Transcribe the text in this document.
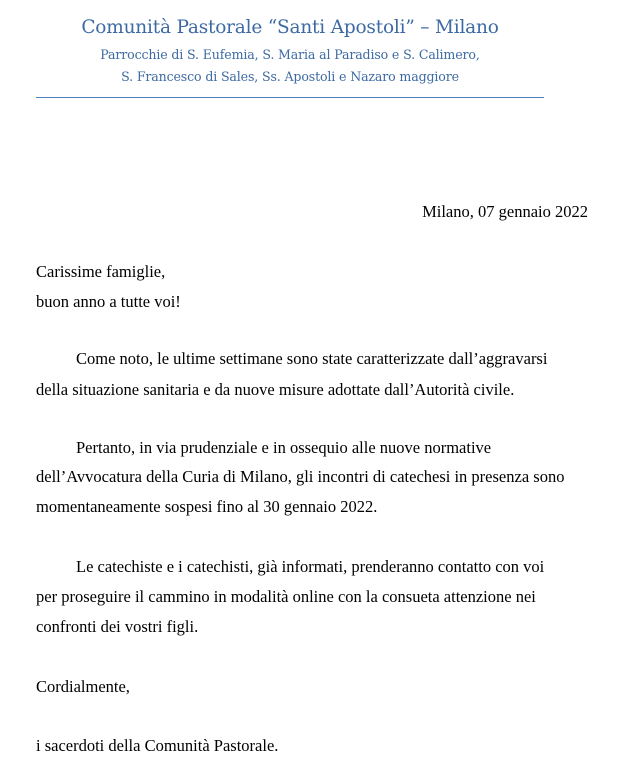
Comunità Pastorale “Santi Apostoli” – Milano
Parrocchie di S. Eufemia, S. Maria al Paradiso e S. Calimero,
S. Francesco di Sales, Ss. Apostoli e Nazaro maggiore
Milano, 07 gennaio 2022
Carissime famiglie,
buon anno a tutte voi!
Come noto, le ultime settimane sono state caratterizzate dall’aggravarsi
della situazione sanitaria e da nuove misure adottate dall’Autorità civile.
Pertanto, in via prudenziale e in ossequio alle nuove normative
dell’Avvocatura della Curia di Milano, gli incontri di catechesi in presenza sono
momentaneamente sospesi fino al 30 gennaio 2022.
Le catechiste e i catechisti, già informati, prenderanno contatto con voi
per proseguire il cammino in modalità online con la consueta attenzione nei
confronti dei vostri figli.
Cordialmente,
i sacerdoti della Comunità Pastorale.
